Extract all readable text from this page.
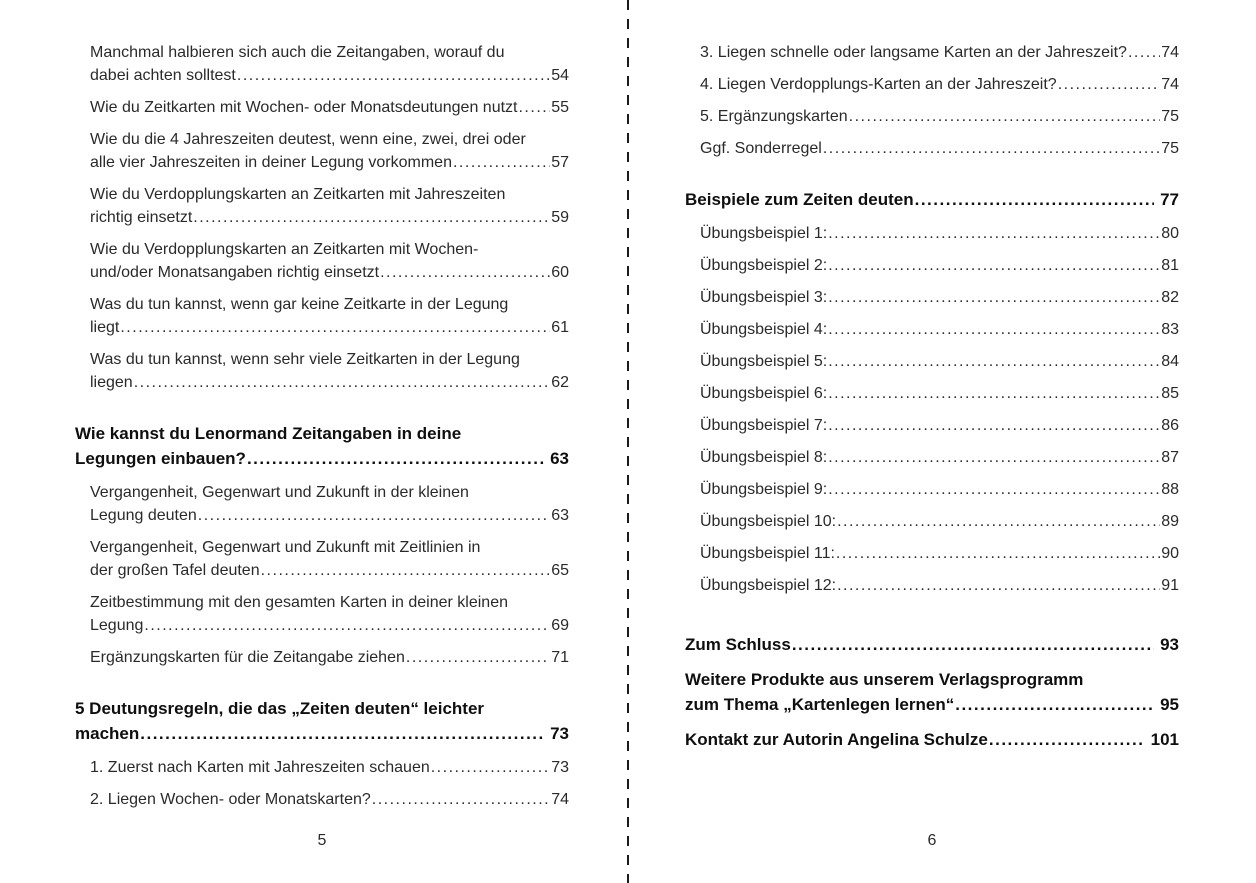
Manchmal halbieren sich auch die Zeitangaben, worauf du
dabei achten solltest .....	54
Wie du Zeitkarten mit Wochen- oder Monatsdeutungen nutzt ..... 55
Wie du die 4 Jahreszeiten deutest, wenn eine, zwei, drei oder
alle vier Jahreszeiten in deiner Legung vorkommen .....	57
Wie du Verdopplungskarten an Zeitkarten mit Jahreszeiten
richtig einsetzt .....	59
Wie du Verdopplungskarten an Zeitkarten mit Wochen-
und/oder Monatsangaben richtig einsetzt .....	60
Was du tun kannst, wenn gar keine Zeitkarte in der Legung
liegt .....	61
Was du tun kannst, wenn sehr viele Zeitkarten in der Legung
liegen .....	62
Wie kannst du Lenormand Zeitangaben in deine
Legungen einbauen? .....	63
Vergangenheit, Gegenwart und Zukunft in der kleinen
Legung deuten .....	63
Vergangenheit, Gegenwart und Zukunft mit Zeitlinien in
der großen Tafel deuten .....	65
Zeitbestimmung mit den gesamten Karten in deiner kleinen
Legung .....	69
Ergänzungskarten für die Zeitangabe ziehen .....	71
5 Deutungsregeln, die das „Zeiten deuten“ leichter
machen .....	73
1. Zuerst nach Karten mit Jahreszeiten schauen .....	73
2. Liegen Wochen- oder Monatskarten? .....	74
5
3. Liegen schnelle oder langsame Karten an der Jahreszeit? ..... 74
4. Liegen Verdopplungs-Karten an der Jahreszeit? .....	74
5. Ergänzungskarten .....	75
Ggf. Sonderregel .....	75
Beispiele zum Zeiten deuten .....	77
Übungsbeispiel 1: .....	80
Übungsbeispiel 2: .....	81
Übungsbeispiel 3: .....	82
Übungsbeispiel 4: .....	83
Übungsbeispiel 5: .....	84
Übungsbeispiel 6: .....	85
Übungsbeispiel 7: .....	86
Übungsbeispiel 8: .....	87
Übungsbeispiel 9: .....	88
Übungsbeispiel 10: .....	89
Übungsbeispiel 11: .....	90
Übungsbeispiel 12: .....	91
Zum Schluss .....	93
Weitere Produkte aus unserem Verlagsprogramm
zum Thema „Kartenlegen lernen“ .....	95
Kontakt zur Autorin Angelina Schulze .....	101
6
